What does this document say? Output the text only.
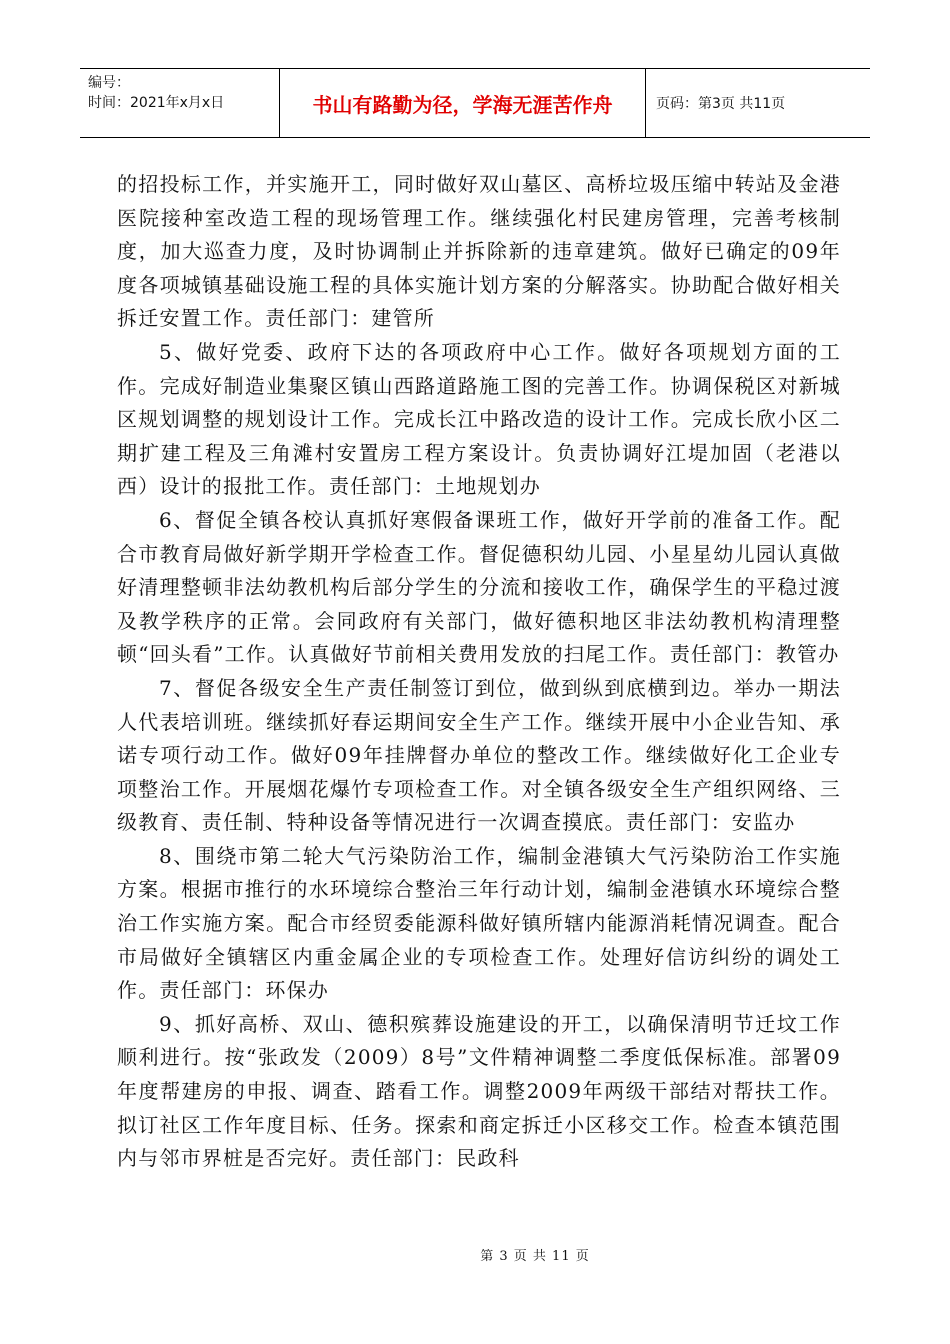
编号：
时间：2021年x月x日	书山有路勤为径，学海无涯苦作舟	页码：第3页 共11页

的招投标工作，并实施开工，同时做好双山墓区、高桥垃圾压缩中转站及金港医院接种室改造工程的现场管理工作。继续强化村民建房管理，完善考核制度，加大巡查力度，及时协调制止并拆除新的违章建筑。做好已确定的09年度各项城镇基础设施工程的具体实施计划方案的分解落实。协助配合做好相关拆迁安置工作。责任部门：建管所

5、做好党委、政府下达的各项政府中心工作。做好各项规划方面的工作。完成好制造业集聚区镇山西路道路施工图的完善工作。协调保税区对新城区规划调整的规划设计工作。完成长江中路改造的设计工作。完成长欣小区二期扩建工程及三角滩村安置房工程方案设计。负责协调好江堤加固（老港以西）设计的报批工作。责任部门：土地规划办

6、督促全镇各校认真抓好寒假备课班工作，做好开学前的准备工作。配合市教育局做好新学期开学检查工作。督促德积幼儿园、小星星幼儿园认真做好清理整顿非法幼教机构后部分学生的分流和接收工作，确保学生的平稳过渡及教学秩序的正常。会同政府有关部门，做好德积地区非法幼教机构清理整顿“回头看”工作。认真做好节前相关费用发放的扫尾工作。责任部门：教管办

7、督促各级安全生产责任制签订到位，做到纵到底横到边。举办一期法人代表培训班。继续抓好春运期间安全生产工作。继续开展中小企业告知、承诺专项行动工作。做好09年挂牌督办单位的整改工作。继续做好化工企业专项整治工作。开展烟花爆竹专项检查工作。对全镇各级安全生产组织网络、三级教育、责任制、特种设备等情况进行一次调查摸底。责任部门：安监办

8、围绕市第二轮大气污染防治工作，编制金港镇大气污染防治工作实施方案。根据市推行的水环境综合整治三年行动计划，编制金港镇水环境综合整治工作实施方案。配合市经贸委能源科做好镇所辖内能源消耗情况调查。配合市局做好全镇辖区内重金属企业的专项检查工作。处理好信访纠纷的调处工作。责任部门：环保办

9、抓好高桥、双山、德积殡葬设施建设的开工，以确保清明节迁坟工作顺利进行。按“张政发（2009）8号”文件精神调整二季度低保标准。部署09年度帮建房的申报、调查、踏看工作。调整2009年两级干部结对帮扶工作。拟订社区工作年度目标、任务。探索和商定拆迁小区移交工作。检查本镇范围内与邻市界桩是否完好。责任部门：民政科

第 3 页 共 11 页
